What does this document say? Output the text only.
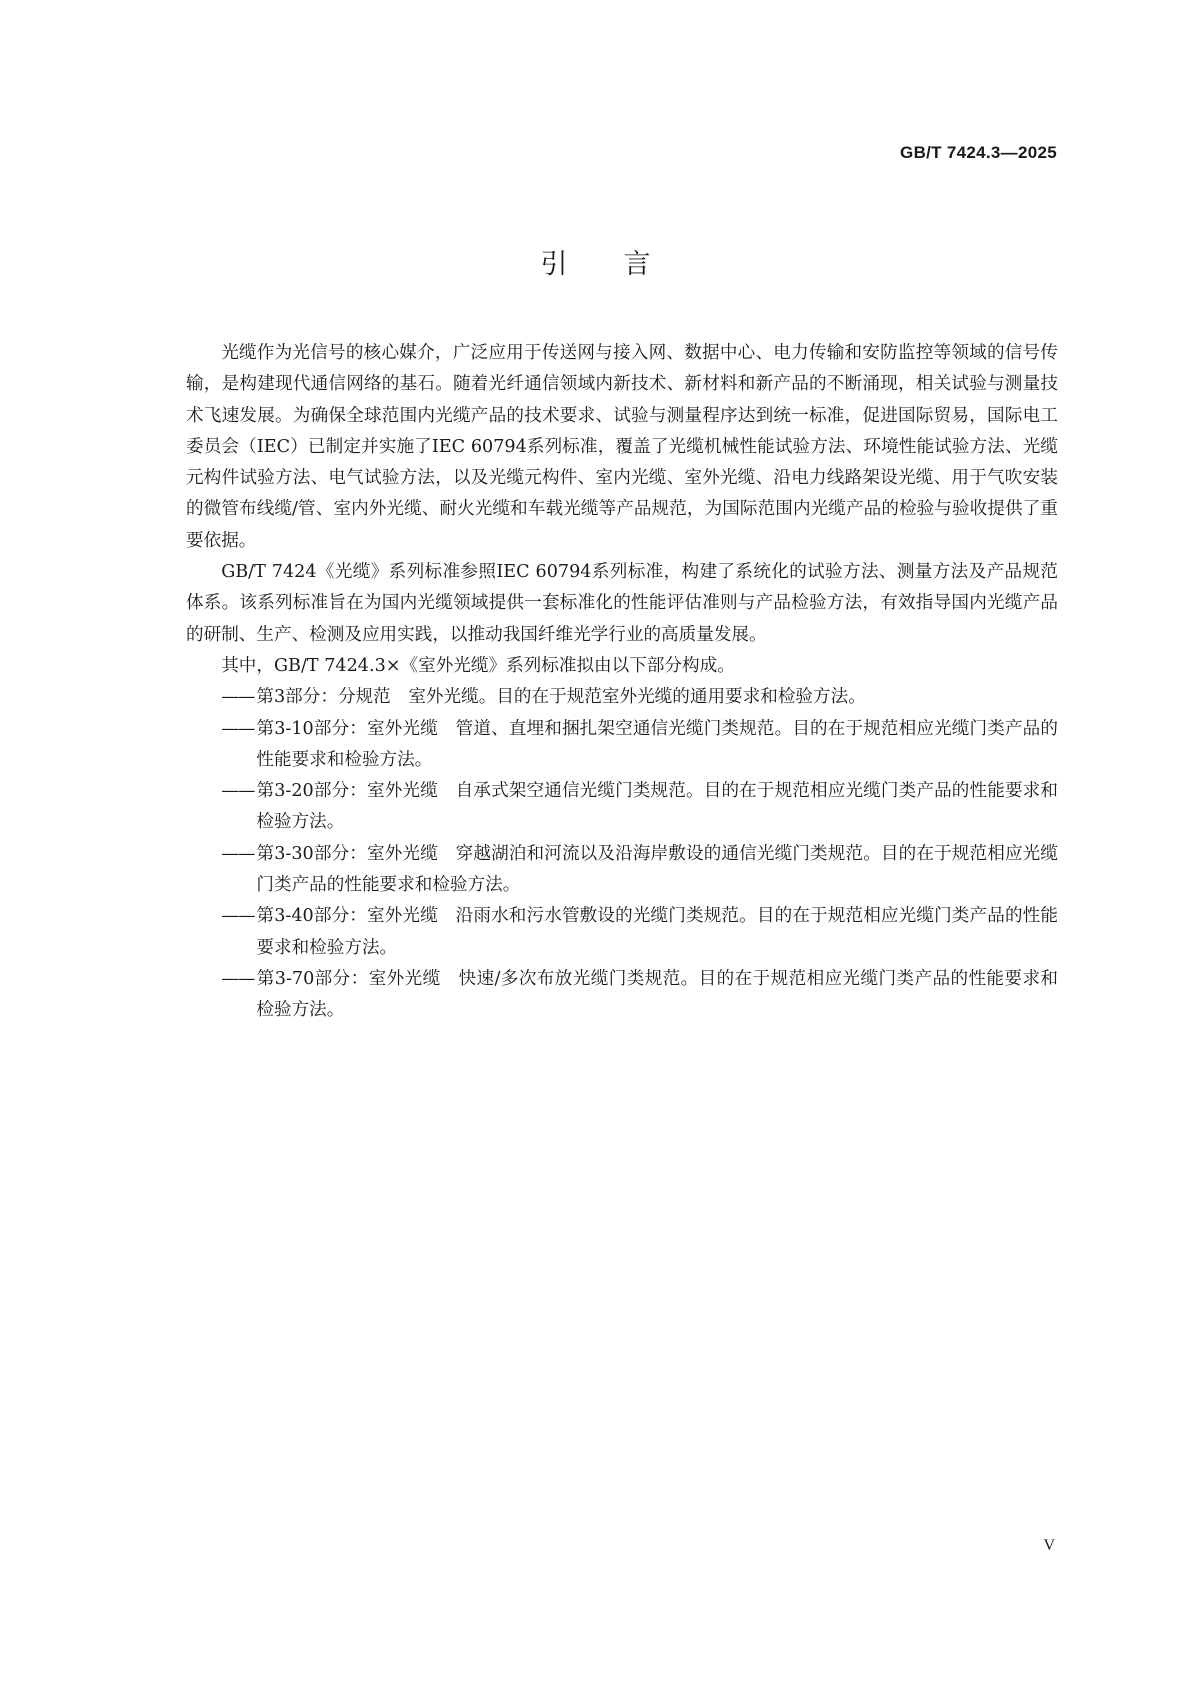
GB/T 7424.3—2025
引言

光缆作为光信号的核心媒介，广泛应用于传送网与接入网、数据中心、电力传输和安防监控等领域的信号传输，是构建现代通信网络的基石。随着光纤通信领域内新技术、新材料和新产品的不断涌现，相关试验与测量技术飞速发展。为确保全球范围内光缆产品的技术要求、试验与测量程序达到统一标准，促进国际贸易，国际电工委员会（IEC）已制定并实施了IEC 60794系列标准，覆盖了光缆机械性能试验方法、环境性能试验方法、光缆元构件试验方法、电气试验方法，以及光缆元构件、室内光缆、室外光缆、沿电力线路架设光缆、用于气吹安装的微管布线缆/管、室内外光缆、耐火光缆和车载光缆等产品规范，为国际范围内光缆产品的检验与验收提供了重要依据。

GB/T 7424《光缆》系列标准参照IEC 60794系列标准，构建了系统化的试验方法、测量方法及产品规范体系。该系列标准旨在为国内光缆领域提供一套标准化的性能评估准则与产品检验方法，有效指导国内光缆产品的研制、生产、检测及应用实践，以推动我国纤维光学行业的高质量发展。

其中，GB/T 7424.3×《室外光缆》系列标准拟由以下部分构成。

—— 第3部分：分规范 室外光缆。目的在于规范室外光缆的通用要求和检验方法。
—— 第3-10部分：室外光缆 管道、直埋和捆扎架空通信光缆门类规范。目的在于规范相应光缆门类产品的性能要求和检验方法。
—— 第3-20部分：室外光缆 自承式架空通信光缆门类规范。目的在于规范相应光缆门类产品的性能要求和检验方法。
—— 第3-30部分：室外光缆 穿越湖泊和河流以及沿海岸敷设的通信光缆门类规范。目的在于规范相应光缆门类产品的性能要求和检验方法。
—— 第3-40部分：室外光缆 沿雨水和污水管敷设的光缆门类规范。目的在于规范相应光缆门类产品的性能要求和检验方法。
—— 第3-70部分：室外光缆 快速/多次布放光缆门类规范。目的在于规范相应光缆门类产品的性能要求和检验方法。
V
